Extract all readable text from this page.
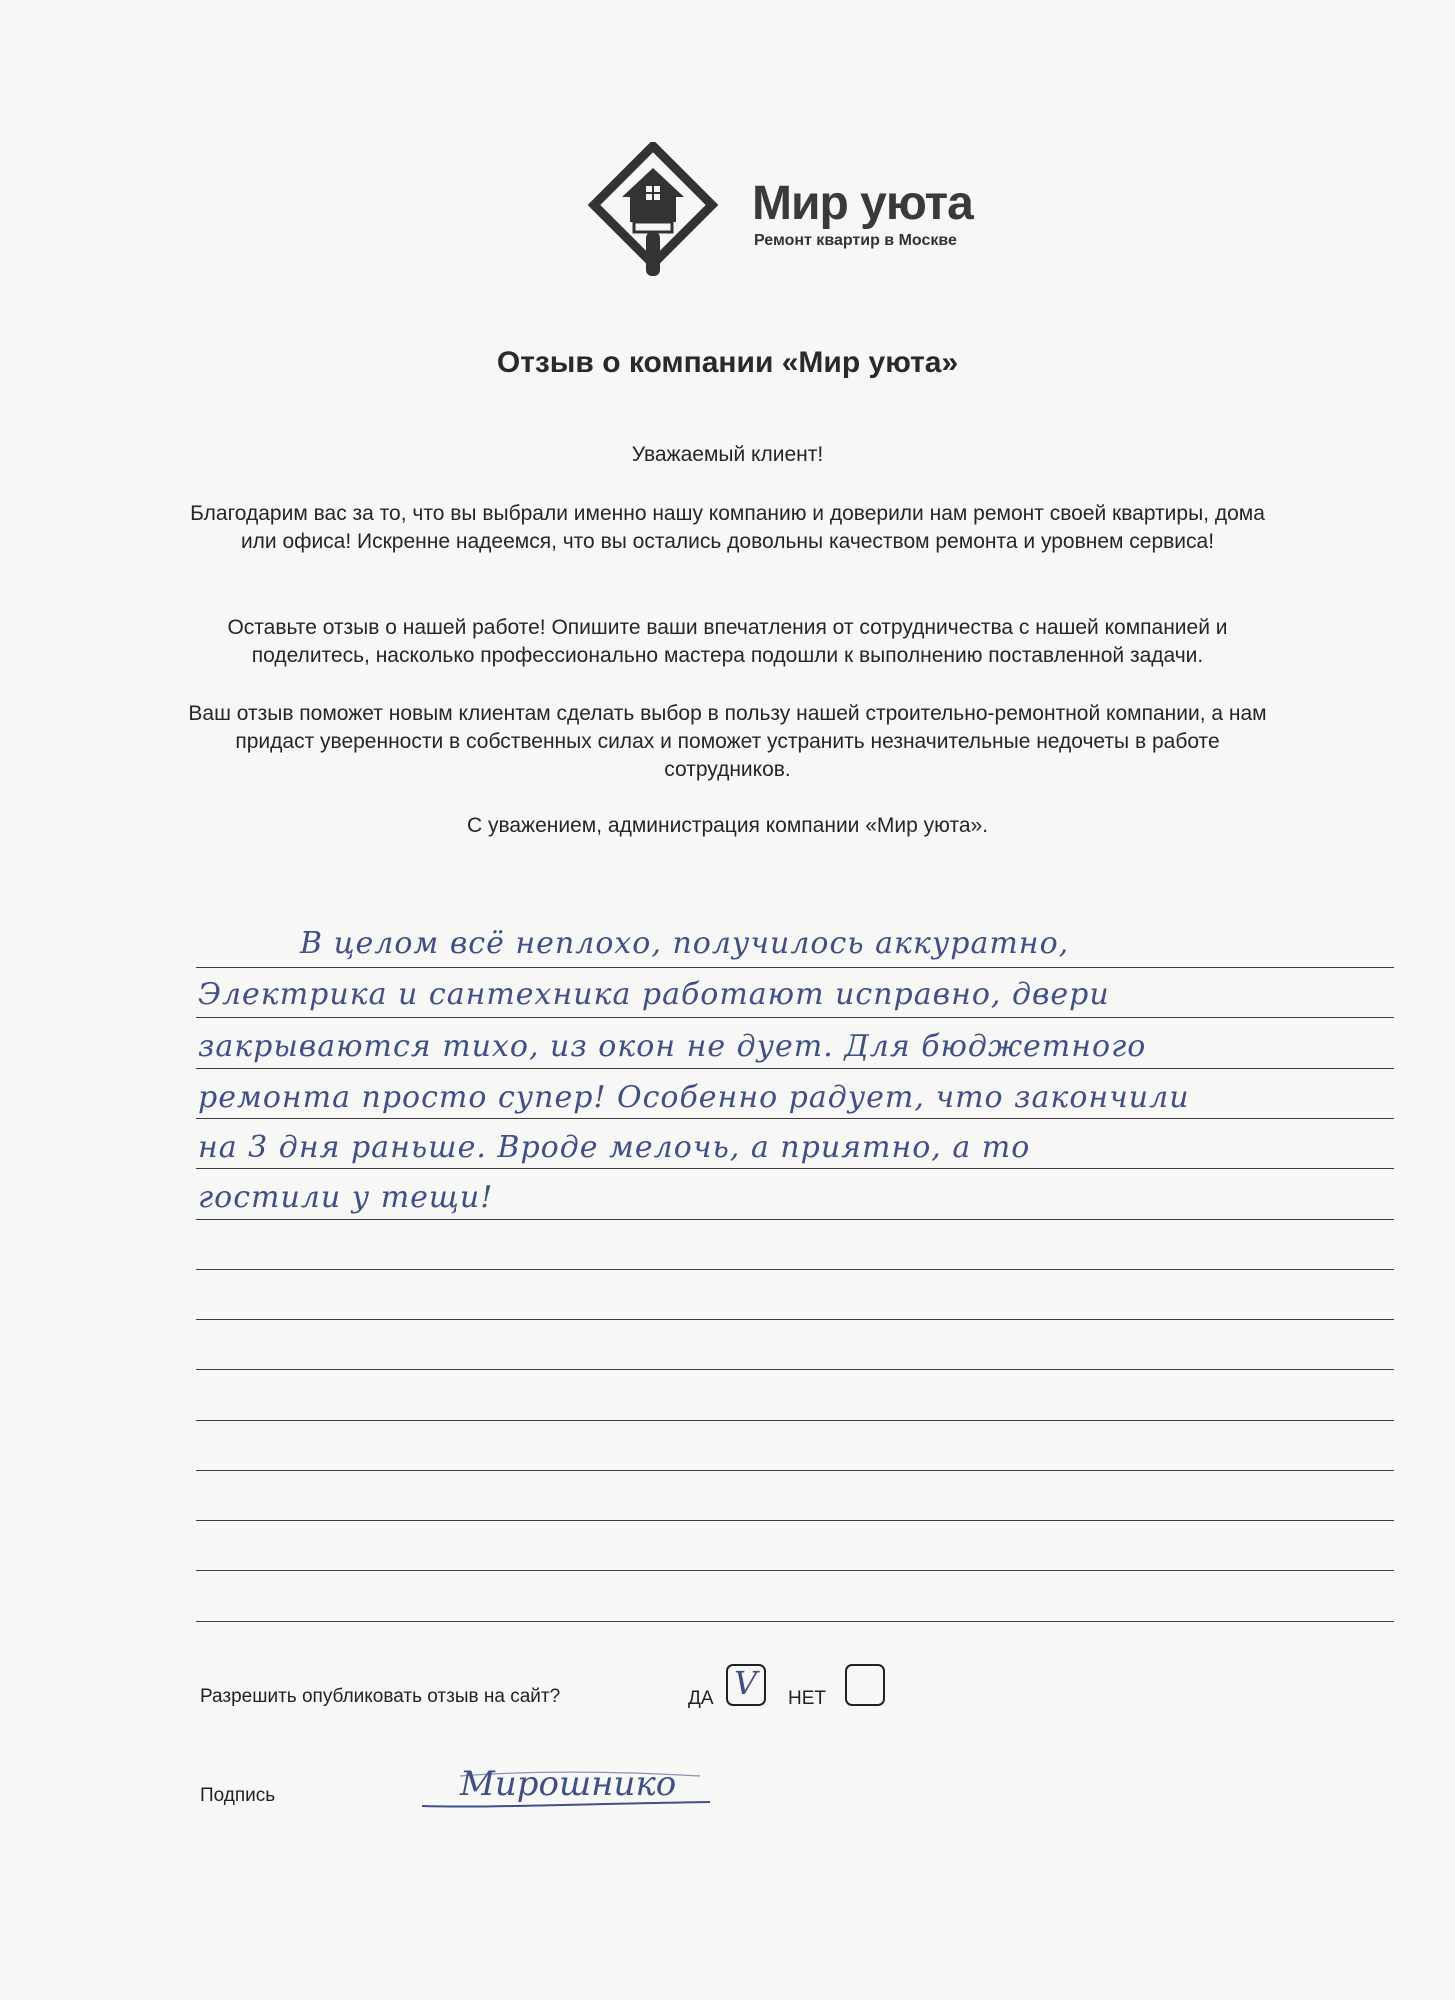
Мир уюта
Ремонт квартир в Москве
Отзыв о компании «Мир уюта»
Уважаемый клиент!
Благодарим вас за то, что вы выбрали именно нашу компанию и доверили нам ремонт своей квартиры, дома или офиса! Искренне надеемся, что вы остались довольны качеством ремонта и уровнем сервиса!
Оставьте отзыв о нашей работе! Опишите ваши впечатления от сотрудничества с нашей компанией и поделитесь, насколько профессионально мастера подошли к выполнению поставленной задачи.
Ваш отзыв поможет новым клиентам сделать выбор в пользу нашей строительно-ремонтной компании, а нам придаст уверенности в собственных силах и поможет устранить незначительные недочеты в работе сотрудников.
С уважением, администрация компании «Мир уюта».
В целом всё неплохо, получилось аккуратно,
Электрика и сантехника работают исправно, двери
закрываются тихо, из окон не дует. Для бюджетного
ремонта просто супер! Особенно радует, что закончили
на 3 дня раньше. Вроде мелочь, а приятно, а то
гостили у тещи!
Разрешить опубликовать отзыв на сайт?	ДА V НЕТ
Подпись	Мирошнико
